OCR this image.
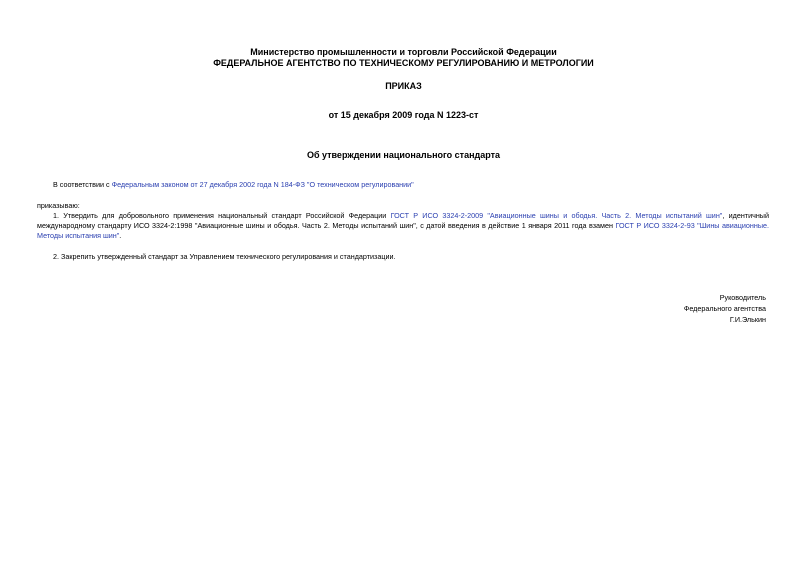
Министерство промышленности и торговли Российской Федерации
ФЕДЕРАЛЬНОЕ АГЕНТСТВО ПО ТЕХНИЧЕСКОМУ РЕГУЛИРОВАНИЮ И МЕТРОЛОГИИ
ПРИКАЗ
от 15 декабря 2009 года N 1223-ст
Об утверждении национального стандарта
В соответствии с Федеральным законом от 27 декабря 2002 года N 184-ФЗ "О техническом регулировании"
приказываю:
1. Утвердить для добровольного применения национальный стандарт Российской Федерации ГОСТ Р ИСО 3324-2-2009 "Авиационные шины и ободья. Часть 2. Методы испытаний шин", идентичный
международному стандарту ИСО 3324-2:1998 "Авиационные шины и ободья. Часть 2. Методы испытаний шин", с датой введения в действие 1 января 2011 года взамен ГОСТ Р ИСО 3324-2-93 "Шины авиационные.
Методы испытания шин".
2. Закрепить утвержденный стандарт за Управлением технического регулирования и стандартизации.
Руководитель
Федерального агентства
Г.И.Элькин
